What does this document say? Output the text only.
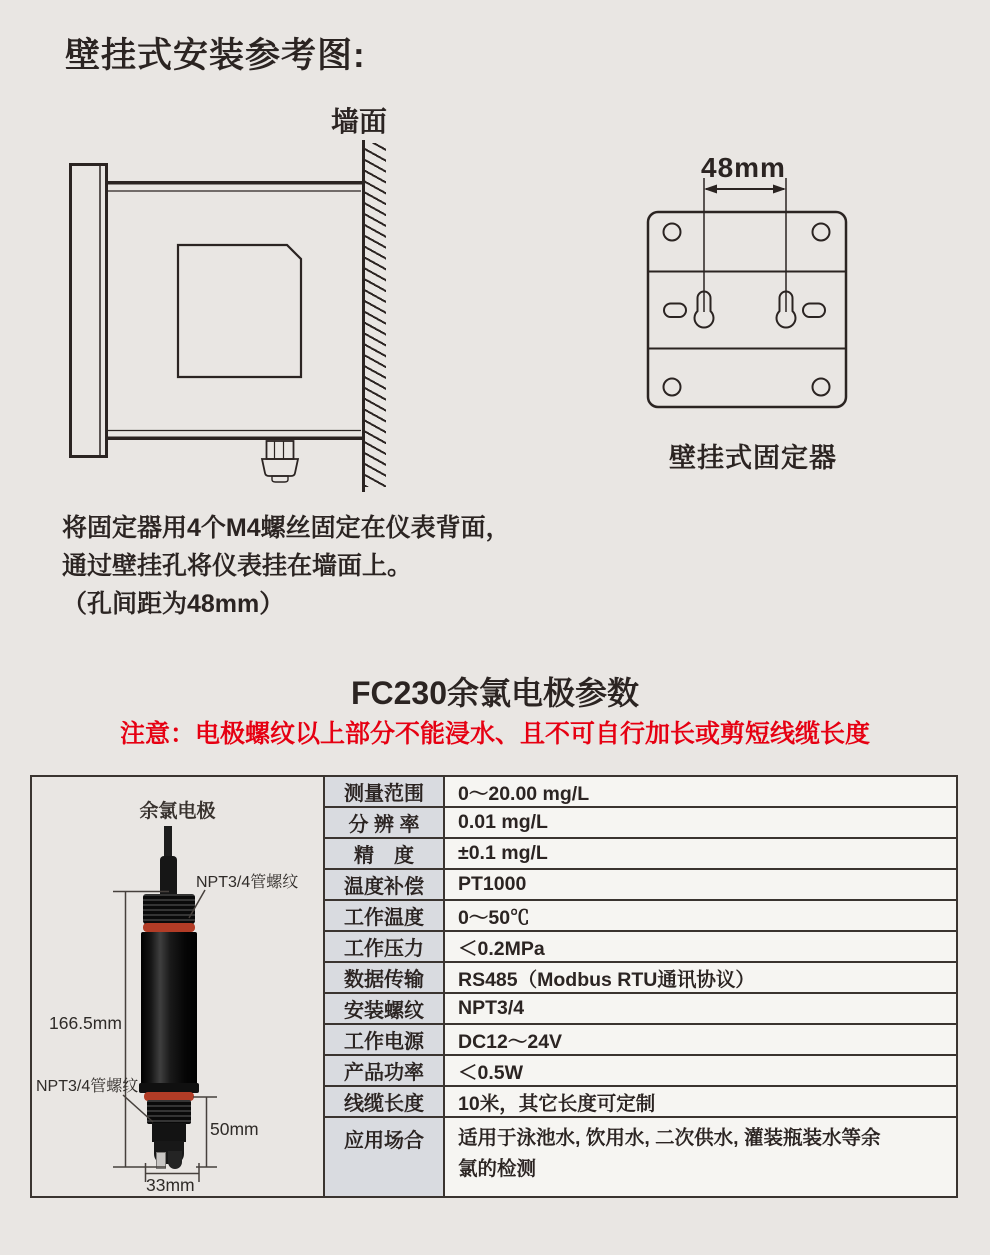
壁挂式安装参考图:
墙面
48mm
壁挂式固定器
将固定器用4个M4螺丝固定在仪表背面，
通过壁挂孔将仪表挂在墙面上。
（孔间距为48mm）
FC230余氯电极参数
注意：电极螺纹以上部分不能浸水、且不可自行加长或剪短线缆长度
余氯电极
166.5mm
50mm
33mm
NPT3/4管螺纹
NPT3/4管螺纹
测量范围	0～20.00 mg/L
分 辨 率	0.01 mg/L
精　度	±0.1 mg/L
温度补偿	PT1000
工作温度	0～50℃
工作压力	＜0.2MPa
数据传输	RS485（Modbus RTU通讯协议）
安装螺纹	NPT3/4
工作电源	DC12～24V
产品功率	＜0.5W
线缆长度	10米，其它长度可定制
应用场合	适用于泳池水, 饮用水, 二次供水, 灌装瓶装水等余氯的检测
